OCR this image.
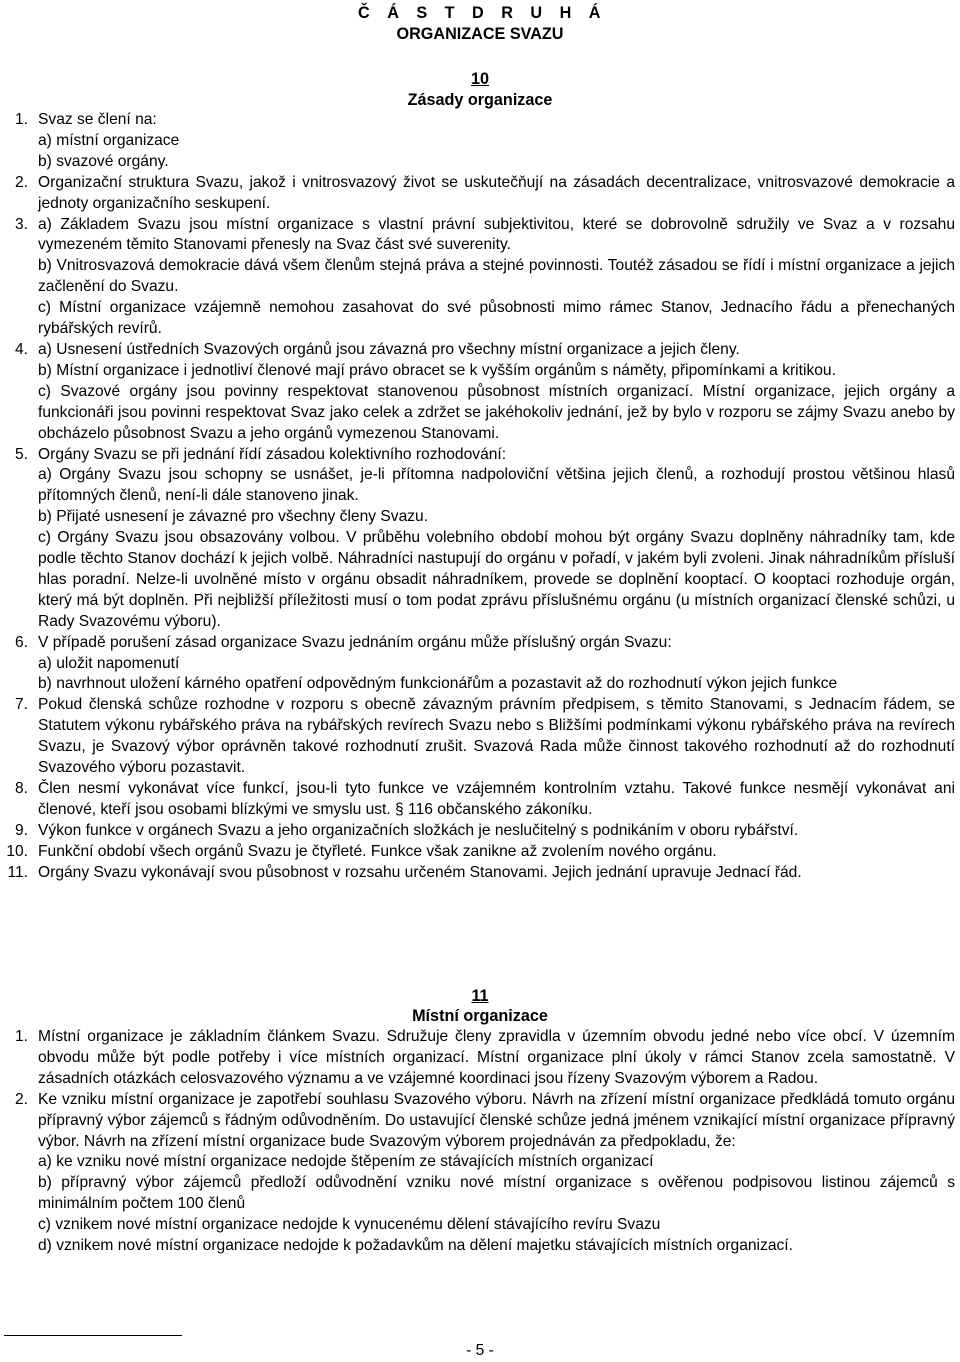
Č Á S T D R U H Á
ORGANIZACE SVAZU
10
Zásady organizace
1. Svaz se člení na:
a) místní organizace
b) svazové orgány.
2. Organizační struktura Svazu, jakož i vnitrosvazový život se uskutečňují na zásadách decentralizace, vnitrosvazové demokracie a jednoty organizačního seskupení.
3. a) Základem Svazu jsou místní organizace s vlastní právní subjektivitou, které se dobrovolně sdružily ve Svaz a v rozsahu vymezeném těmito Stanovami přenesly na Svaz část své suverenity.
b) Vnitrosvazová demokracie dává všem členům stejná práva a stejné povinnosti. Toutéž zásadou se řídí i místní organizace a jejich začlenění do Svazu.
c) Místní organizace vzájemně nemohou zasahovat do své působnosti mimo rámec Stanov, Jednacího řádu a přenechaných rybářských revírů.
4. a) Usnesení ústředních Svazových orgánů jsou závazná pro všechny místní organizace a jejich členy.
b) Místní organizace i jednotliví členové mají právo obracet se k vyšším orgánům s náměty, připomínkami a kritikou.
c) Svazové orgány jsou povinny respektovat stanovenou působnost místních organizací. Místní organizace, jejich orgány a funkcionáři jsou povinni respektovat Svaz jako celek a zdržet se jakéhokoliv jednání, jež by bylo v rozporu se zájmy Svazu anebo by obcházelo působnost Svazu a jeho orgánů vymezenou Stanovami.
5. Orgány Svazu se při jednání řídí zásadou kolektivního rozhodování:
a) Orgány Svazu jsou schopny se usnášet, je-li přítomna nadpoloviční většina jejich členů, a rozhodují prostou většinou hlasů přítomných členů, není-li dále stanoveno jinak.
b) Přijaté usnesení je závazné pro všechny členy Svazu.
c) Orgány Svazu jsou obsazovány volbou. V průběhu volebního období mohou být orgány Svazu doplněny náhradníky tam, kde podle těchto Stanov dochází k jejich volbě. Náhradníci nastupují do orgánu v pořadí, v jakém byli zvoleni. Jinak náhradníkům přísluší hlas poradní. Nelze-li uvolněné místo v orgánu obsadit náhradníkem, provede se doplnění kooptací. O kooptaci rozhoduje orgán, který má být doplněn. Při nejbližší příležitosti musí o tom podat zprávu příslušnému orgánu (u místních organizací členské schůzi, u Rady Svazovému výboru).
6. V případě porušení zásad organizace Svazu jednáním orgánu může příslušný orgán Svazu:
a) uložit napomenutí
b) navrhnout uložení kárného opatření odpovědným funkcionářům a pozastavit až do rozhodnutí výkon jejich funkce
7. Pokud členská schůze rozhodne v rozporu s obecně závazným právním předpisem, s těmito Stanovami, s Jednacím řádem, se Statutem výkonu rybářského práva na rybářských revírech Svazu nebo s Bližšími podmínkami výkonu rybářského práva na revírech Svazu, je Svazový výbor oprávněn takové rozhodnutí zrušit. Svazová Rada může činnost takového rozhodnutí až do rozhodnutí Svazového výboru pozastavit.
8. Člen nesmí vykonávat více funkcí, jsou-li tyto funkce ve vzájemném kontrolním vztahu. Takové funkce nesmějí vykonávat ani členové, kteří jsou osobami blízkými ve smyslu ust. § 116 občanského zákoníku.
9. Výkon funkce v orgánech Svazu a jeho organizačních složkách je neslučitelný s podnikáním v oboru rybářství.
10. Funkční období všech orgánů Svazu je čtyřleté. Funkce však zanikne až zvolením nového orgánu.
11. Orgány Svazu vykonávají svou působnost v rozsahu určeném Stanovami. Jejich jednání upravuje Jednací řád.
11
Místní organizace
1. Místní organizace je základním článkem Svazu. Sdružuje členy zpravidla v územním obvodu jedné nebo více obcí. V územním obvodu může být podle potřeby i více místních organizací. Místní organizace plní úkoly v rámci Stanov zcela samostatně. V zásadních otázkách celosvazového významu a ve vzájemné koordinaci jsou řízeny Svazovým výborem a Radou.
2. Ke vzniku místní organizace je zapotřebí souhlasu Svazového výboru. Návrh na zřízení místní organizace předkládá tomuto orgánu přípravný výbor zájemců s řádným odůvodněním. Do ustavující členské schůze jedná jménem vznikající místní organizace přípravný výbor. Návrh na zřízení místní organizace bude Svazovým výborem projednáván za předpokladu, že:
a) ke vzniku nové místní organizace nedojde štěpením ze stávajících místních organizací
b) přípravný výbor zájemců předloží odůvodnění vzniku nové místní organizace s ověřenou podpisovou listinou zájemců s minimálním počtem 100 členů
c) vznikem nové místní organizace nedojde k vynucenému dělení stávajícího revíru Svazu
d) vznikem nové místní organizace nedojde k požadavkům na dělení majetku stávajících místních organizací.
- 5 -
